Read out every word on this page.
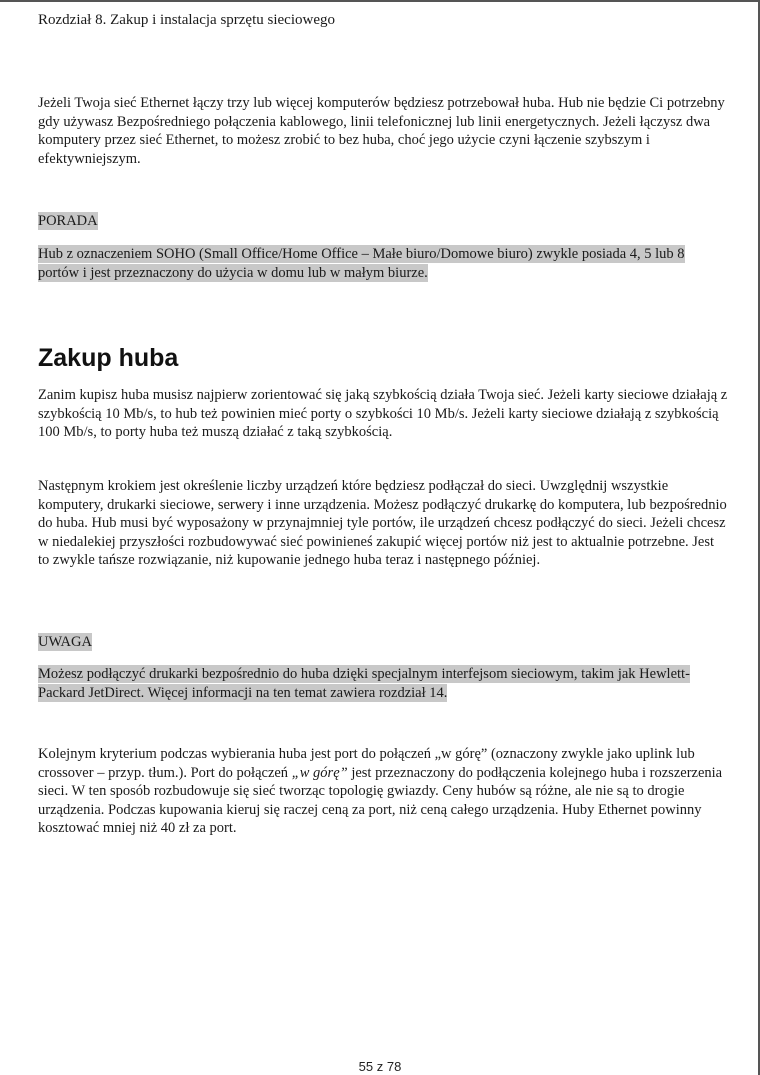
Rozdział 8. Zakup i instalacja sprzętu sieciowego

Jeżeli Twoja sieć Ethernet łączy trzy lub więcej komputerów będziesz potrzebował huba. Hub nie będzie Ci potrzebny gdy używasz Bezpośredniego połączenia kablowego, linii telefonicznej lub linii energetycznych. Jeżeli łączysz dwa komputery przez sieć Ethernet, to możesz zrobić to bez huba, choć jego użycie czyni łączenie szybszym i efektywniejszym.

PORADA

Hub z oznaczeniem SOHO (Small Office/Home Office – Małe biuro/Domowe biuro) zwykle posiada 4, 5 lub 8 portów i jest przeznaczony do użycia w domu lub w małym biurze.

Zakup huba

Zanim kupisz huba musisz najpierw zorientować się jaką szybkością działa Twoja sieć. Jeżeli karty sieciowe działają z szybkością 10 Mb/s, to hub też powinien mieć porty o szybkości 10 Mb/s. Jeżeli karty sieciowe działają z szybkością 100 Mb/s, to porty huba też muszą działać z taką szybkością.

Następnym krokiem jest określenie liczby urządzeń które będziesz podłączał do sieci. Uwzględnij wszystkie komputery, drukarki sieciowe, serwery i inne urządzenia. Możesz podłączyć drukarkę do komputera, lub bezpośrednio do huba. Hub musi być wyposażony w przynajmniej tyle portów, ile urządzeń chcesz podłączyć do sieci. Jeżeli chcesz w niedalekiej przyszłości rozbudowywać sieć powinieneś zakupić więcej portów niż jest to aktualnie potrzebne. Jest to zwykle tańsze rozwiązanie, niż kupowanie jednego huba teraz i następnego później.

UWAGA

Możesz podłączyć drukarki bezpośrednio do huba dzięki specjalnym interfejsom sieciowym, takim jak Hewlett-Packard JetDirect. Więcej informacji na ten temat zawiera rozdział 14.

Kolejnym kryterium podczas wybierania huba jest port do połączeń „w górę” (oznaczony zwykle jako uplink lub crossover – przyp. tłum.). Port do połączeń „w górę” jest przeznaczony do podłączenia kolejnego huba i rozszerzenia sieci. W ten sposób rozbudowuje się sieć tworząc topologię gwiazdy. Ceny hubów są różne, ale nie są to drogie urządzenia. Podczas kupowania kieruj się raczej ceną za port, niż ceną całego urządzenia. Huby Ethernet powinny kosztować mniej niż 40 zł za port.

55 z 78
